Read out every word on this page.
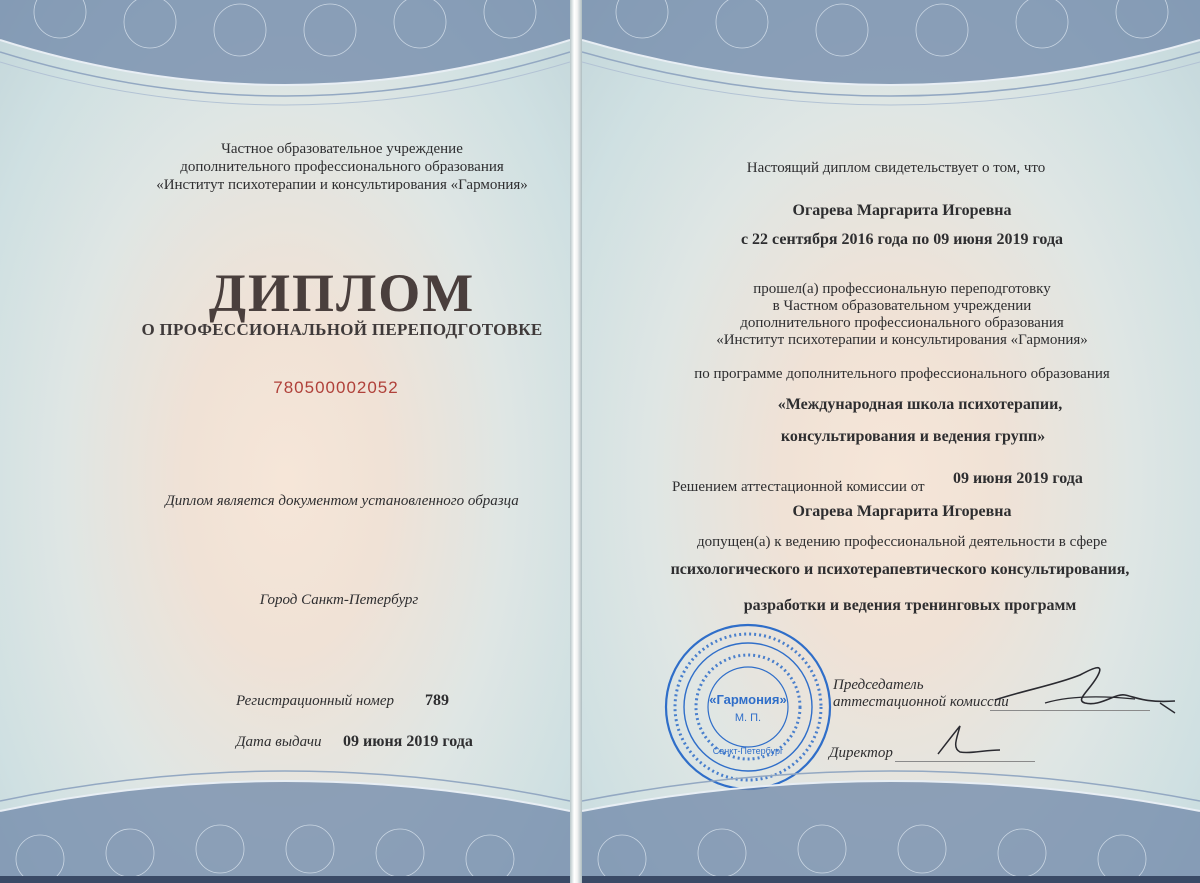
Частное образовательное учреждение
дополнительного профессионального образования
«Институт психотерапии и консультирования «Гармония»
ДИПЛОМ
О ПРОФЕССИОНАЛЬНОЙ ПЕРЕПОДГОТОВКЕ
780500002052
Диплом является документом установленного образца
Город Санкт-Петербург
Регистрационный номер 789
Дата выдачи 09 июня 2019 года
Настоящий диплом свидетельствует о том, что
Огарева Маргарита Игоревна
с 22 сентября 2016 года по 09 июня 2019 года
прошел(а) профессиональную переподготовку
в Частном образовательном учреждении
дополнительного профессионального образования
«Институт психотерапии и консультирования «Гармония»
по программе дополнительного профессионального образования
«Международная школа психотерапии,
консультирования и ведения групп»
Решением аттестационной комиссии от 09 июня 2019 года
Огарева Маргарита Игоревна
допущен(а) к ведению профессиональной деятельности в сфере
психологического и психотерапевтического консультирования,
разработки и ведения тренинговых программ
Председатель
аттестационной комиссии
Директор
«Гармония»
М. П.
Санкт-Петербург
